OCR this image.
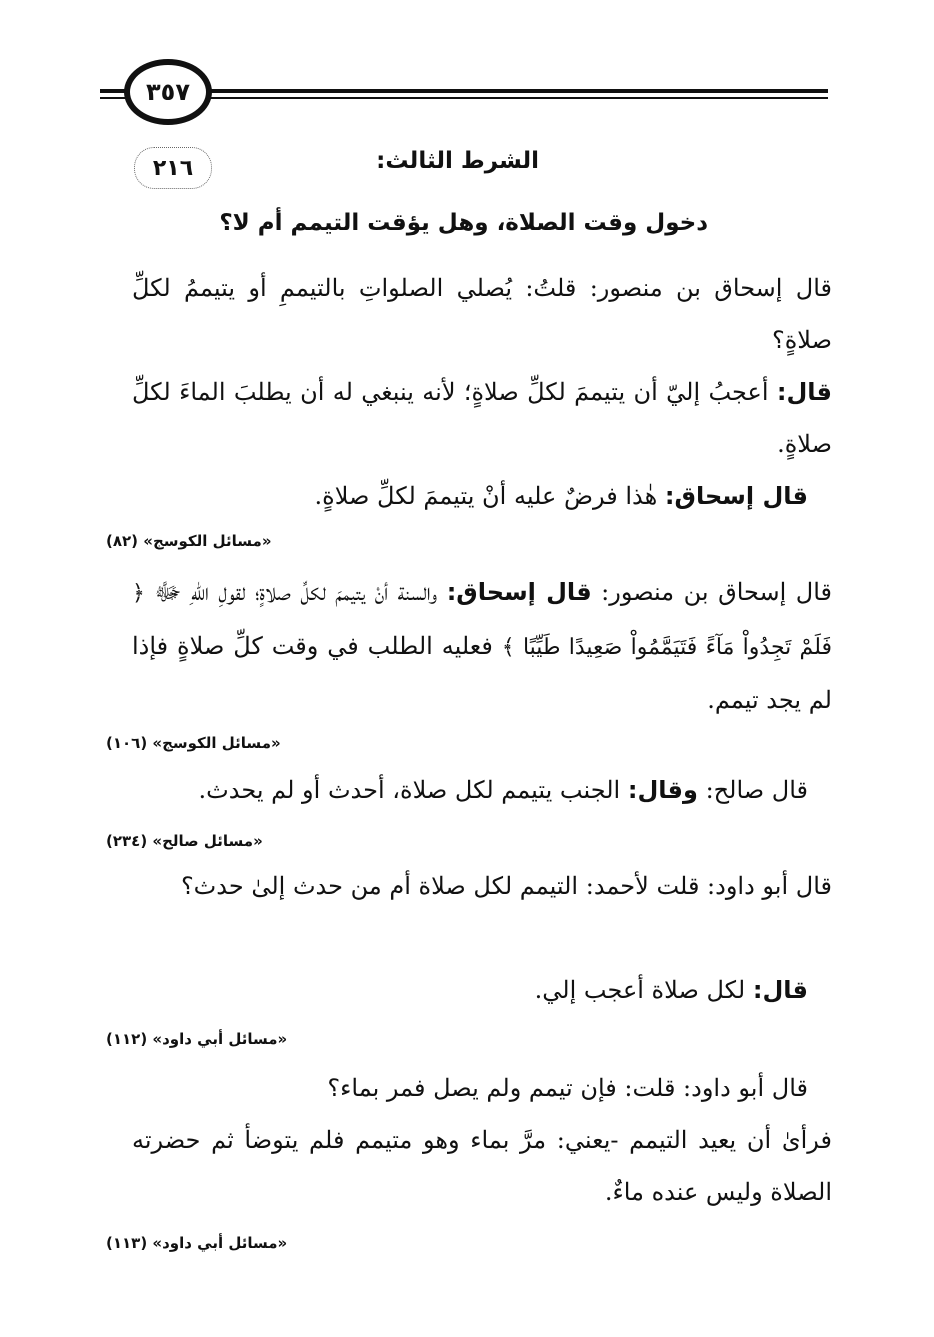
٣٥٧
٢١٦	الشرط الثالث:
دخول وقت الصلاة، وهل يؤقت التيمم أم لا؟
قال إسحاق بن منصور: قلتُ: يُصلي الصلواتِ بالتيممِ أو يتيممُ لكلِّ صلاةٍ؟
قال: أعجبُ إليّ أن يتيممَ لكلِّ صلاةٍ؛ لأنه ينبغي له أن يطلبَ الماءَ لكلِّ صلاةٍ.
قال إسحاق: هٰذا فرضٌ عليه أنْ يتيممَ لكلِّ صلاةٍ.
«مسائل الكوسج» (٨٢)
قال إسحاق بن منصور: قال إسحاق: والسنة أنْ يتيممَ لكلِّ صلاةٍ؛ لقولِ اللهِ ﷻ ﴿ فَلَمْ تَجِدُواْ مَآءً فَتَيَمَّمُواْ صَعِيدًا طَيِّبًا ﴾ فعليه الطلب في وقت كلِّ صلاةٍ فإذا لم يجد تيمم.
«مسائل الكوسج» (١٠٦)
قال صالح: وقال: الجنب يتيمم لكل صلاة، أحدث أو لم يحدث.
«مسائل صالح» (٢٣٤)
قال أبو داود: قلت لأحمد: التيمم لكل صلاة أم من حدث إلىٰ حدث؟
قال: لكل صلاة أعجب إلي.
«مسائل أبي داود» (١١٢)
قال أبو داود: قلت: فإن تيمم ولم يصل فمر بماء؟
فرأىٰ أن يعيد التيمم -يعني: مرَّ بماء وهو متيمم فلم يتوضأ ثم حضرته الصلاة وليس عنده ماءٌ.
«مسائل أبي داود» (١١٣)
